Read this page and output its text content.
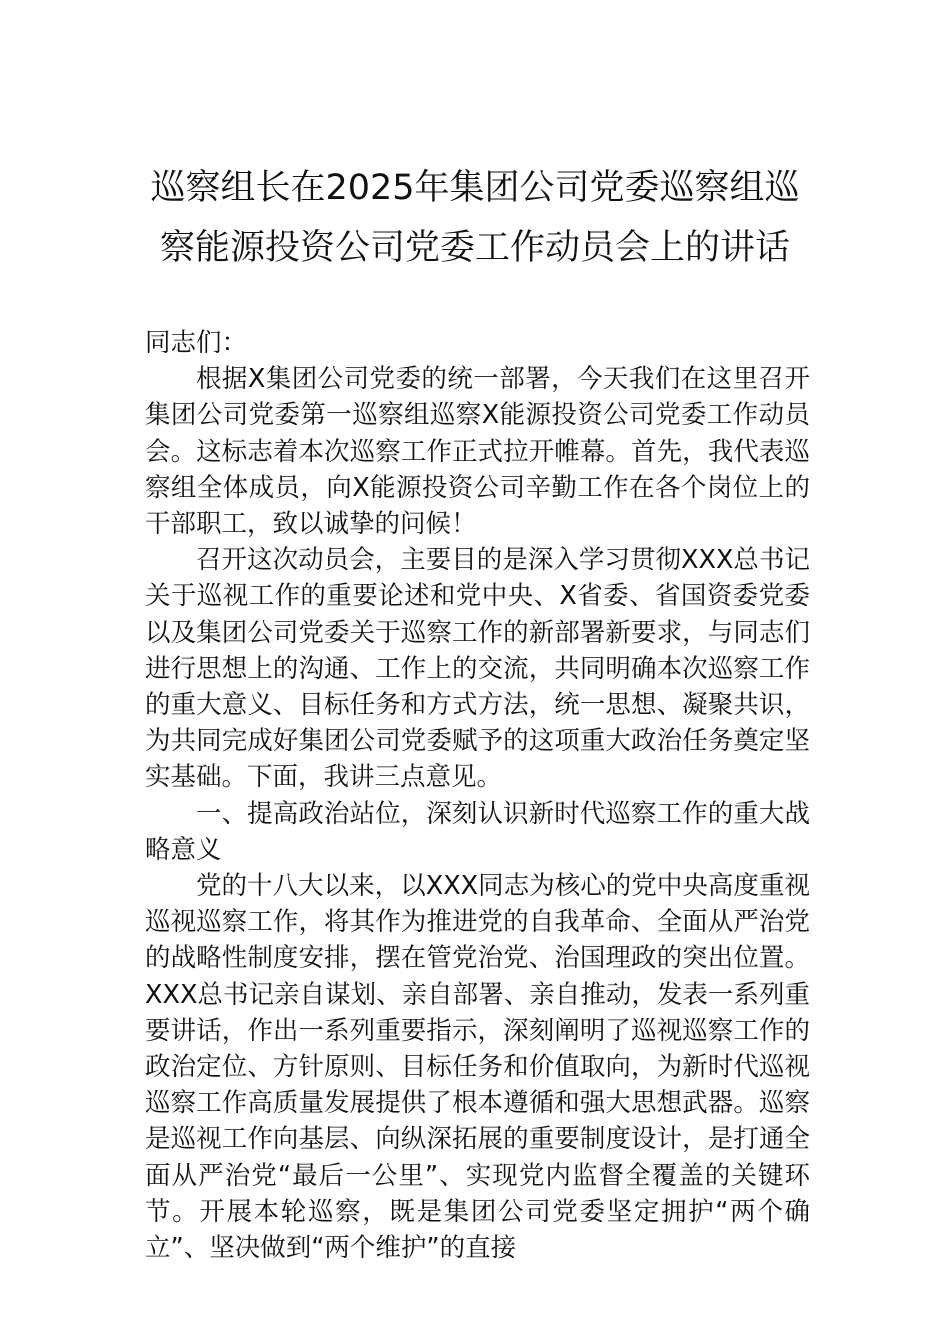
巡察组长在2025年集团公司党委巡察组巡
察能源投资公司党委工作动员会上的讲话

同志们：

根据X集团公司党委的统一部署，今天我们在这里召开集团公司党委第一巡察组巡察X能源投资公司党委工作动员会。这标志着本次巡察工作正式拉开帷幕。首先，我代表巡察组全体成员，向X能源投资公司辛勤工作在各个岗位上的干部职工，致以诚挚的问候！

召开这次动员会，主要目的是深入学习贯彻XXX总书记关于巡视工作的重要论述和党中央、X省委、省国资委党委以及集团公司党委关于巡察工作的新部署新要求，与同志们进行思想上的沟通、工作上的交流，共同明确本次巡察工作的重大意义、目标任务和方式方法，统一思想、凝聚共识，为共同完成好集团公司党委赋予的这项重大政治任务奠定坚实基础。下面，我讲三点意见。

一、提高政治站位，深刻认识新时代巡察工作的重大战略意义

党的十八大以来，以XXX同志为核心的党中央高度重视巡视巡察工作，将其作为推进党的自我革命、全面从严治党的战略性制度安排，摆在管党治党、治国理政的突出位置。XXX总书记亲自谋划、亲自部署、亲自推动，发表一系列重要讲话，作出一系列重要指示，深刻阐明了巡视巡察工作的政治定位、方针原则、目标任务和价值取向，为新时代巡视巡察工作高质量发展提供了根本遵循和强大思想武器。巡察是巡视工作向基层、向纵深拓展的重要制度设计，是打通全面从严治党“最后一公里”、实现党内监督全覆盖的关键环节。开展本轮巡察，既是集团公司党委坚定拥护“两个确立”、坚决做到“两个维护”的直接
